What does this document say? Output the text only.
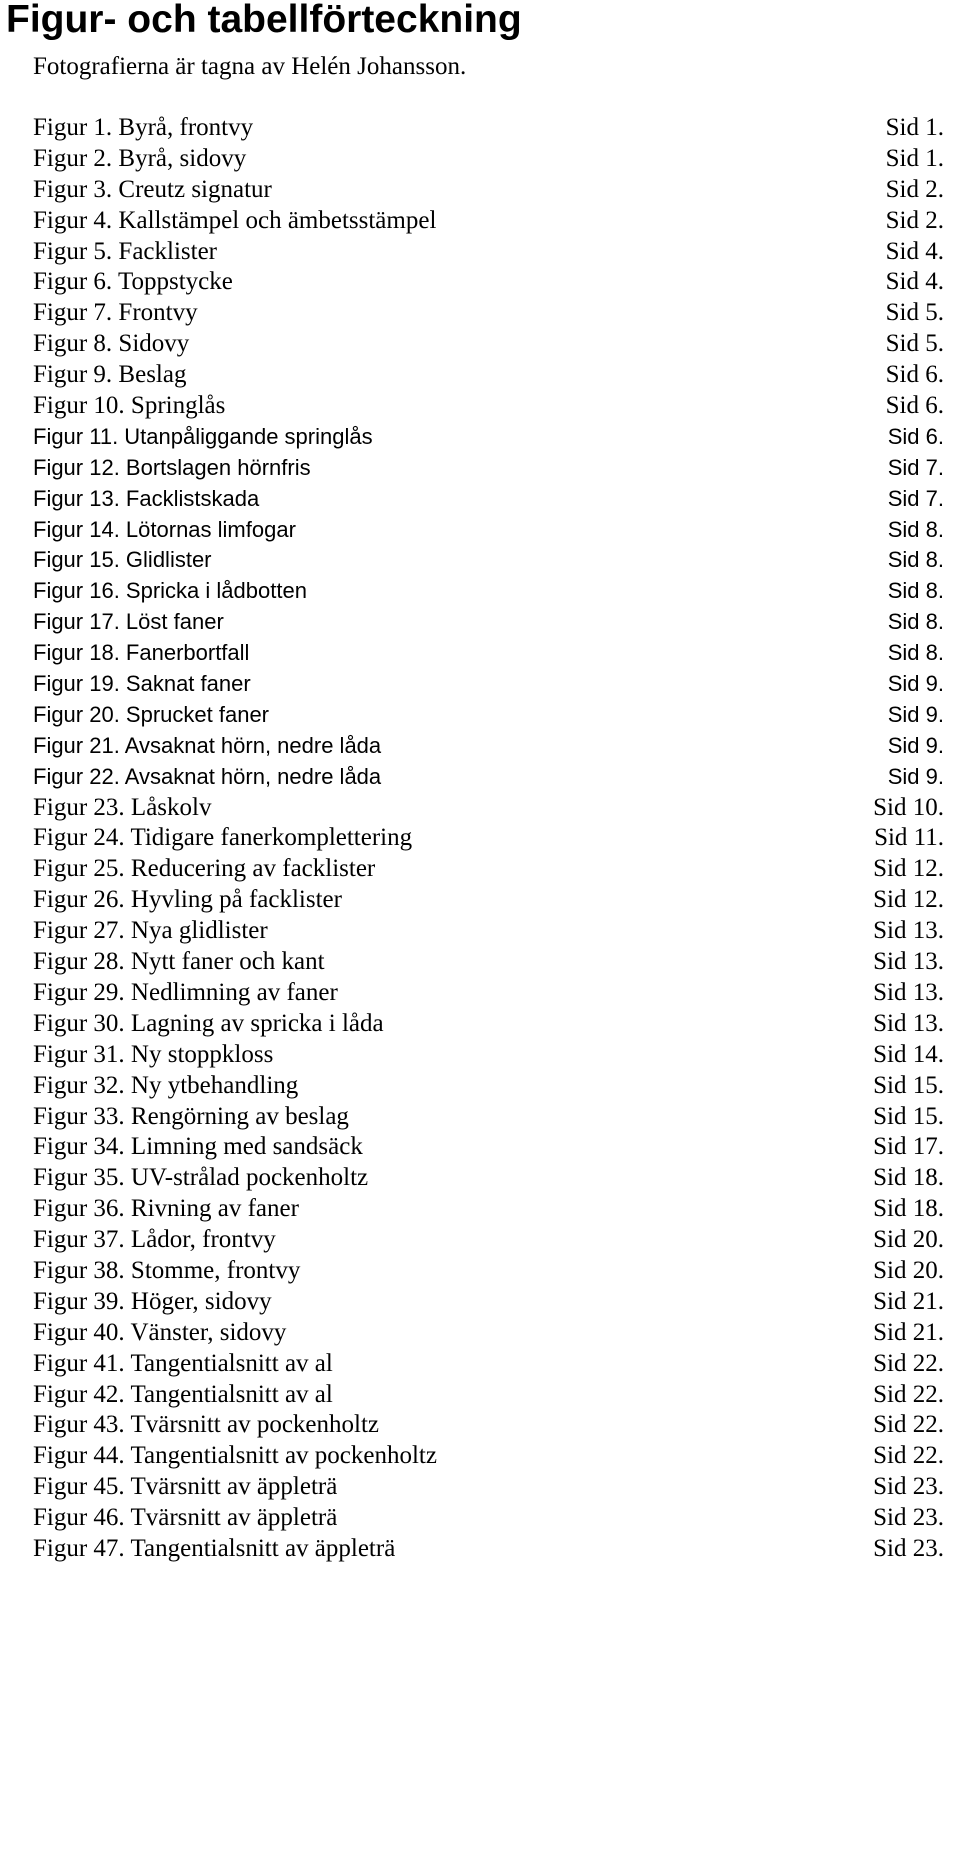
Figur- och tabellförteckning

Fotografierna är tagna av Helén Johansson.

Figur 1. Byrå, frontvy	Sid 1.
Figur 2. Byrå, sidovy	Sid 1.
Figur 3. Creutz signatur	Sid 2.
Figur 4. Kallstämpel och ämbetsstämpel	Sid 2.
Figur 5. Facklister	Sid 4.
Figur 6. Toppstycke	Sid 4.
Figur 7. Frontvy	Sid 5.
Figur 8. Sidovy	Sid 5.
Figur 9. Beslag	Sid 6.
Figur 10. Springlås	Sid 6.
Figur 11. Utanpåliggande springlås	Sid 6.
Figur 12. Bortslagen hörnfris	Sid 7.
Figur 13. Facklistskada	Sid 7.
Figur 14. Lötornas limfogar	Sid 8.
Figur 15. Glidlister	Sid 8.
Figur 16. Spricka i lådbotten	Sid 8.
Figur 17. Löst faner	Sid 8.
Figur 18. Fanerbortfall	Sid 8.
Figur 19. Saknat faner	Sid 9.
Figur 20. Sprucket faner	Sid 9.
Figur 21. Avsaknat hörn, nedre låda	Sid 9.
Figur 22. Avsaknat hörn, nedre låda	Sid 9.
Figur 23. Låskolv	Sid 10.
Figur 24. Tidigare fanerkomplettering	Sid 11.
Figur 25. Reducering av facklister	Sid 12.
Figur 26. Hyvling på facklister	Sid 12.
Figur 27. Nya glidlister	Sid 13.
Figur 28. Nytt faner och kant	Sid 13.
Figur 29. Nedlimning av faner	Sid 13.
Figur 30. Lagning av spricka i låda	Sid 13.
Figur 31. Ny stoppkloss	Sid 14.
Figur 32. Ny ytbehandling	Sid 15.
Figur 33. Rengörning av beslag	Sid 15.
Figur 34. Limning med sandsäck	Sid 17.
Figur 35. UV-strålad pockenholtz	Sid 18.
Figur 36. Rivning av faner	Sid 18.
Figur 37. Lådor, frontvy	Sid 20.
Figur 38. Stomme, frontvy	Sid 20.
Figur 39. Höger, sidovy	Sid 21.
Figur 40. Vänster, sidovy	Sid 21.
Figur 41. Tangentialsnitt av al	Sid 22.
Figur 42. Tangentialsnitt av al	Sid 22.
Figur 43. Tvärsnitt av pockenholtz	Sid 22.
Figur 44. Tangentialsnitt av pockenholtz	Sid 22.
Figur 45. Tvärsnitt av äppleträ	Sid 23.
Figur 46. Tvärsnitt av äppleträ	Sid 23.
Figur 47. Tangentialsnitt av äppleträ	Sid 23.
